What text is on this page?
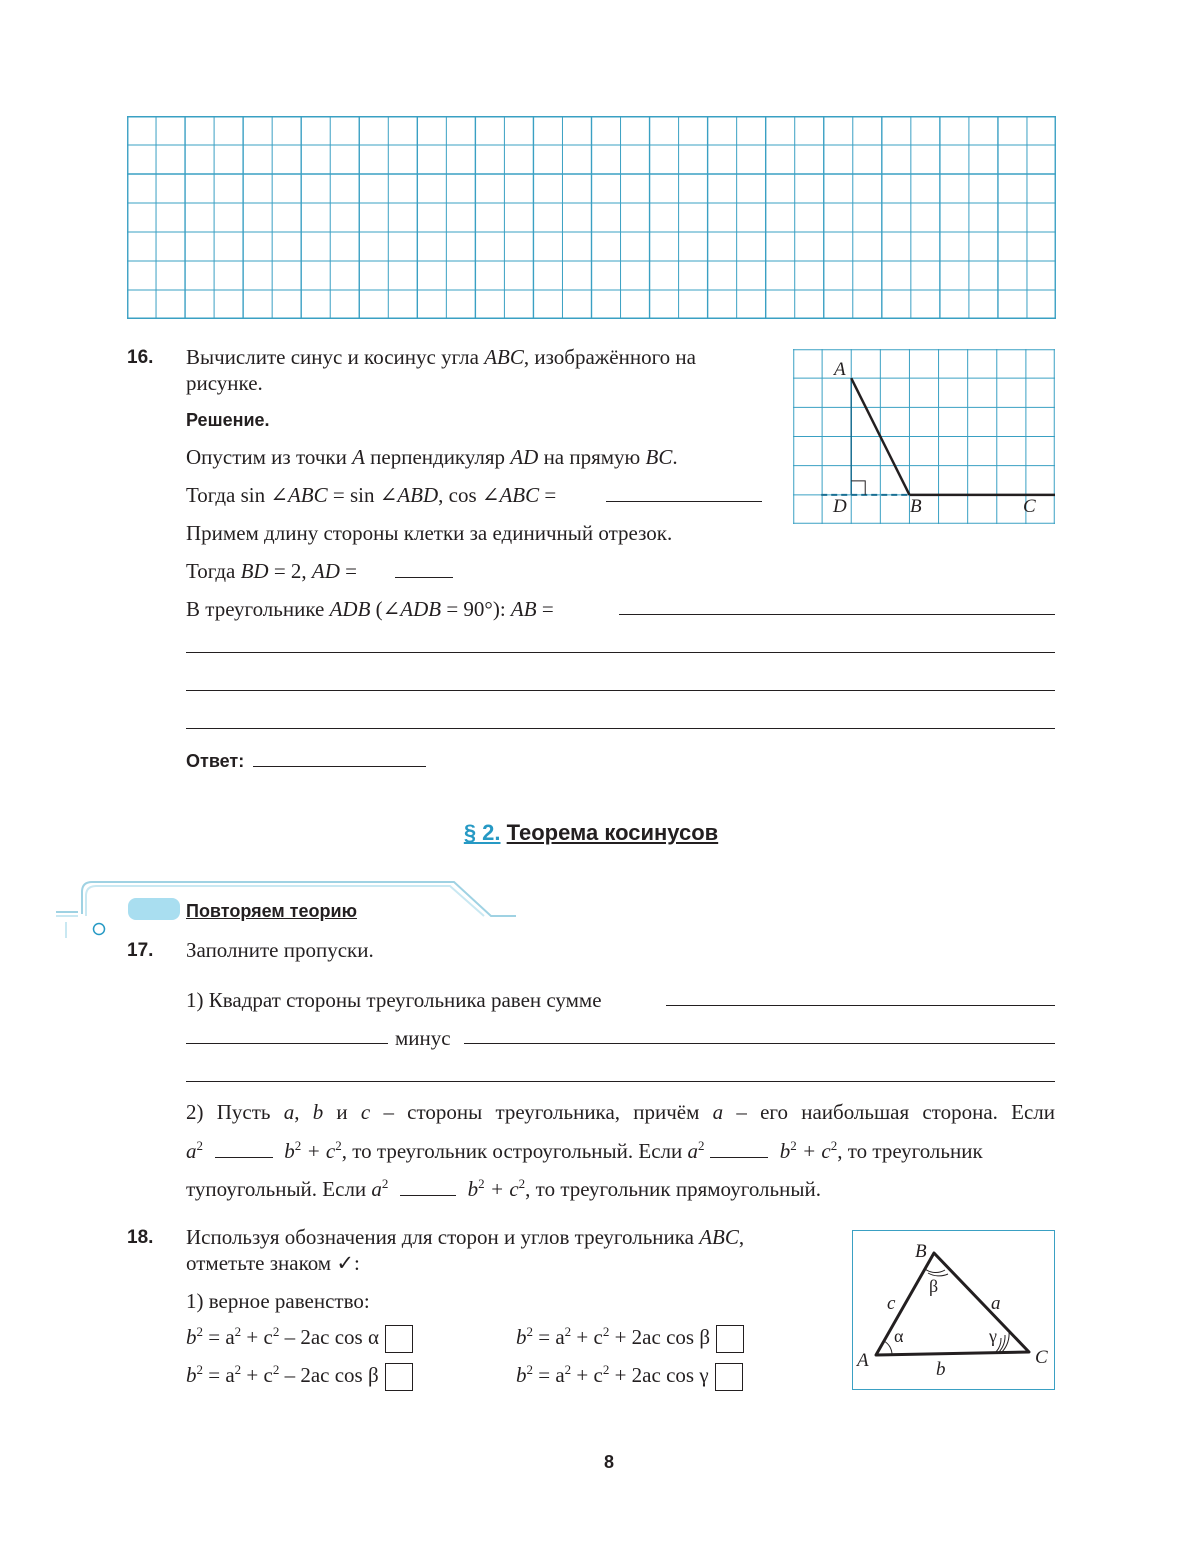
16. Вычислите синус и косинус угла ABC, изображённого на
рисунке.
Решение.
Опустим из точки A перпендикуляр AD на прямую BC.
Тогда sin ∠ABC = sin ∠ABD, cos ∠ABC =
Примем длину стороны клетки за единичный отрезок.
Тогда BD = 2, AD =
В треугольнике ADB (∠ADB = 90°): AB =
Ответ:
A
D	B	C
§ 2. Теорема косинусов
Повторяем теорию
17. Заполните пропуски.
1) Квадрат стороны треугольника равен сумме
минус
2) Пусть a, b и c – стороны треугольника, причём a – его наибольшая сторона. Если
$a^2$	$b^2 + c^2$, то треугольник остроугольный. Если $a^2$	$b^2 + c^2$, то треугольник
тупоугольный. Если $a^2$	$b^2 + c^2$, то треугольник прямоугольный.
18. Используя обозначения для сторон и углов треугольника ABC,
отметьте знаком ✓:
1) верное равенство:
$b^2 = a^2 + c^2 - 2ac$ cos α	$b^2 = a^2 + c^2 + 2ac$ cos β
$b^2 = a^2 + c^2 - 2ac$ cos β	$b^2 = a^2 + c^2 + 2ac$ cos γ
B
A	C
c	a
b
α
β
γ
8
